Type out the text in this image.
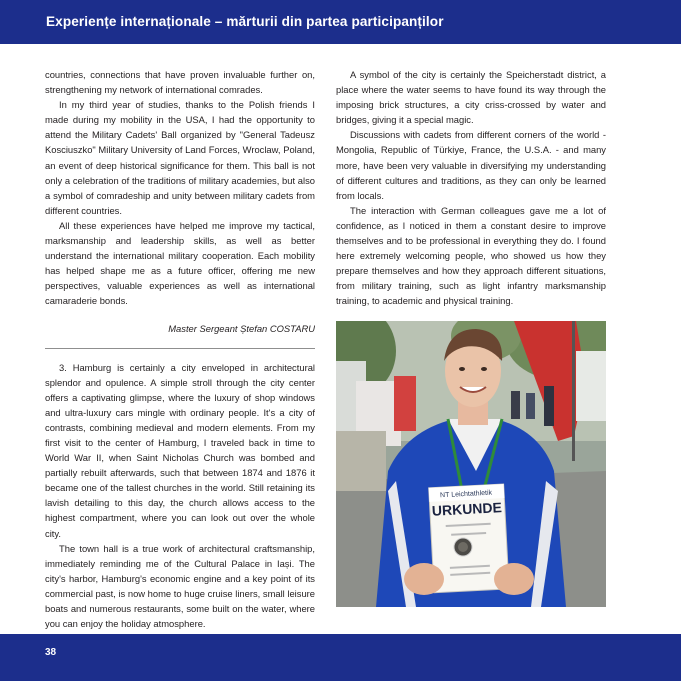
Experiențe internaționale – mărturii din partea participanților

countries, connections that have proven invaluable further on, strengthening my network of international comrades.

In my third year of studies, thanks to the Polish friends I made during my mobility in the USA, I had the opportunity to attend the Military Cadets' Ball organized by "General Tadeusz Kosciuszko" Military University of Land Forces, Wroclaw, Poland, an event of deep historical significance for them. This ball is not only a celebration of the traditions of military academies, but also a symbol of comradeship and unity between military cadets from different countries.

All these experiences have helped me improve my tactical, marksmanship and leadership skills, as well as better understand the international military cooperation. Each mobility has helped shape me as a future officer, offering me new perspectives, valuable experiences as well as international camaraderie bonds.

Master Sergeant Ștefan COSTARU

3. Hamburg is certainly a city enveloped in architectural splendor and opulence. A simple stroll through the city center offers a captivating glimpse, where the luxury of shop windows and ultra-luxury cars mingle with ordinary people. It's a city of contrasts, combining medieval and modern elements. From my first visit to the center of Hamburg, I traveled back in time to World War II, when Saint Nicholas Church was bombed and partially rebuilt afterwards, such that between 1874 and 1876 it became one of the tallest churches in the world. Still retaining its lavish detailing to this day, the church allows access to the highest compartment, where you can look out over the whole city.

The town hall is a true work of architectural craftsmanship, immediately reminding me of the Cultural Palace in Iași. The city's harbor, Hamburg's economic engine and a key point of its commercial past, is now home to huge cruise liners, small leisure boats and numerous restaurants, some built on the water, where you can enjoy the holiday atmosphere.

A symbol of the city is certainly the Speicherstadt district, a place where the water seems to have found its way through the imposing brick structures, a city criss-crossed by water and bridges, giving it a special magic.

Discussions with cadets from different corners of the world - Mongolia, Republic of Türkiye, France, the U.S.A. - and many more, have been very valuable in diversifying my understanding of different cultures and traditions, as they can only be learned from locals.

The interaction with German colleagues gave me a lot of confidence, as I noticed in them a constant desire to improve themselves and to be professional in everything they do. I found here extremely welcoming people, who showed us how they prepare themselves and how they approach different situations, from military training, such as light infantry marksmanship training, to academic and physical training.

NT Leichtathletik
URKUNDE
38
